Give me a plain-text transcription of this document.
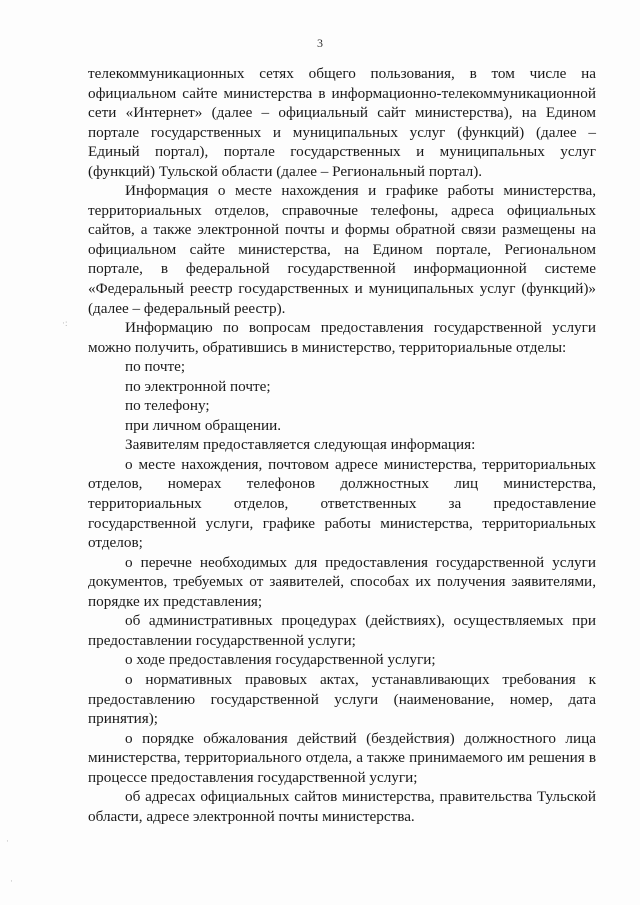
3
·:
·
·
телекоммуникационных сетях общего пользования, в том числе на
официальном сайте министерства в информационно-телекоммуникационной
сети «Интернет» (далее – официальный сайт министерства), на Едином
портале государственных и муниципальных услуг (функций) (далее –
Единый портал), портале государственных и муниципальных услуг
(функций) Тульской области (далее – Региональный портал).
Информация о месте нахождения и графике работы министерства,
территориальных отделов, справочные телефоны, адреса официальных
сайтов, а также электронной почты и формы обратной связи размещены на
официальном сайте министерства, на Едином портале, Региональном
портале, в федеральной государственной информационной системе
«Федеральный реестр государственных и муниципальных услуг (функций)»
(далее – федеральный реестр).
Информацию по вопросам предоставления государственной услуги
можно получить, обратившись в министерство, территориальные отделы:
по почте;
по электронной почте;
по телефону;
при личном обращении.
Заявителям предоставляется следующая информация:
о месте нахождения, почтовом адресе министерства, территориальных
отделов, номерах телефонов должностных лиц министерства,
территориальных отделов, ответственных за предоставление
государственной услуги, графике работы министерства, территориальных
отделов;
о перечне необходимых для предоставления государственной услуги
документов, требуемых от заявителей, способах их получения заявителями,
порядке их представления;
об административных процедурах (действиях), осуществляемых при
предоставлении государственной услуги;
о ходе предоставления государственной услуги;
о нормативных правовых актах, устанавливающих требования к
предоставлению государственной услуги (наименование, номер, дата
принятия);
о порядке обжалования действий (бездействия) должностного лица
министерства, территориального отдела, а также принимаемого им решения в
процессе предоставления государственной услуги;
об адресах официальных сайтов министерства, правительства Тульской
области, адресе электронной почты министерства.
